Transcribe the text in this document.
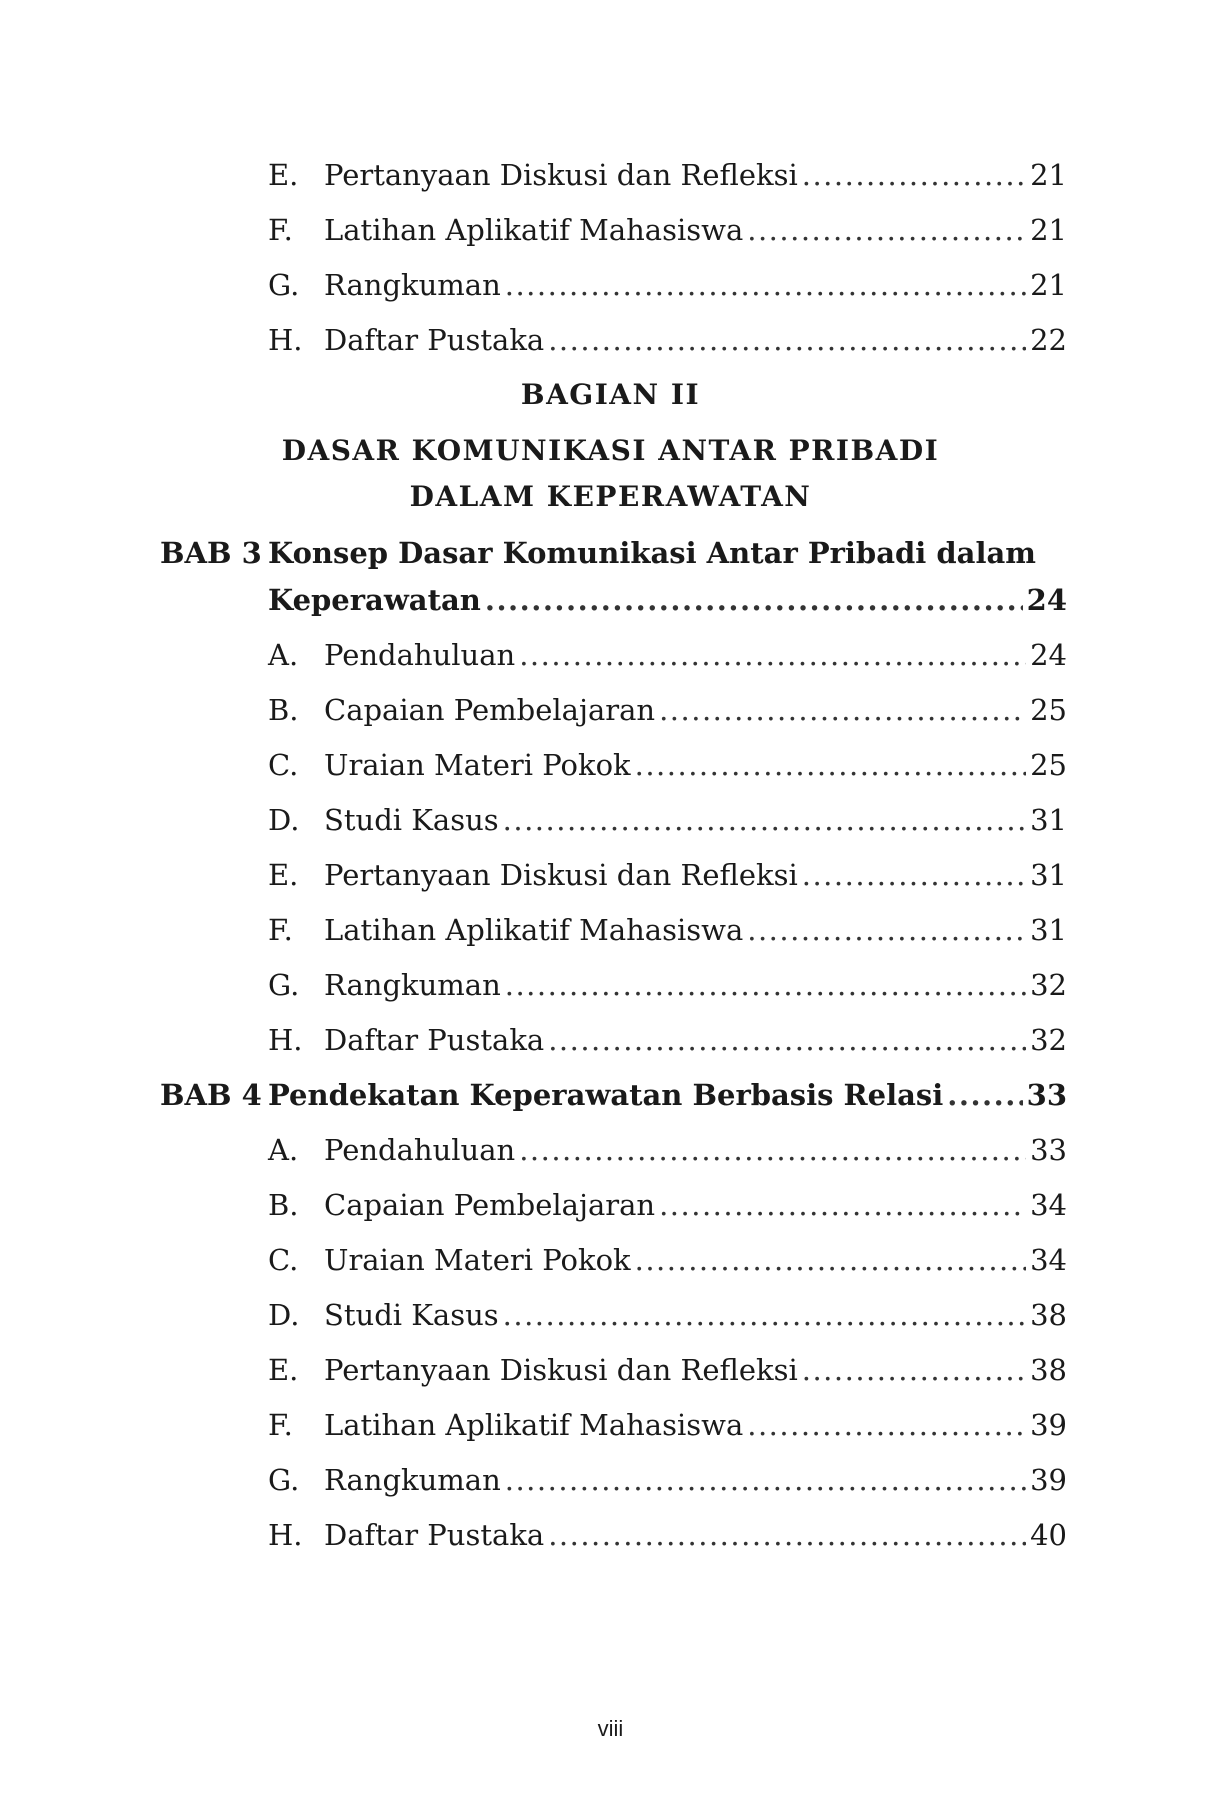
E. Pertanyaan Diskusi dan Refleksi .....	21
F.	Latihan Aplikatif Mahasiswa .....	21
G. Rangkuman .....	21
H. Daftar Pustaka .....	22
BAGIAN II
DASAR KOMUNIKASI ANTAR PRIBADI
DALAM KEPERAWATAN
BAB 3 Konsep Dasar Komunikasi Antar Pribadi dalam
Keperawatan .....	24
A. Pendahuluan .....	24
B. Capaian Pembelajaran .....	25
C. Uraian Materi Pokok .....	25
D. Studi Kasus .....	31
E. Pertanyaan Diskusi dan Refleksi .....	31
F.	Latihan Aplikatif Mahasiswa .....	31
G. Rangkuman .....	32
H. Daftar Pustaka .....	32
BAB 4 Pendekatan Keperawatan Berbasis Relasi .....	33
A. Pendahuluan .....	33
B. Capaian Pembelajaran .....	34
C. Uraian Materi Pokok .....	34
D. Studi Kasus .....	38
E. Pertanyaan Diskusi dan Refleksi .....	38
F.	Latihan Aplikatif Mahasiswa .....	39
G. Rangkuman .....	39
H. Daftar Pustaka .....	40
viii
